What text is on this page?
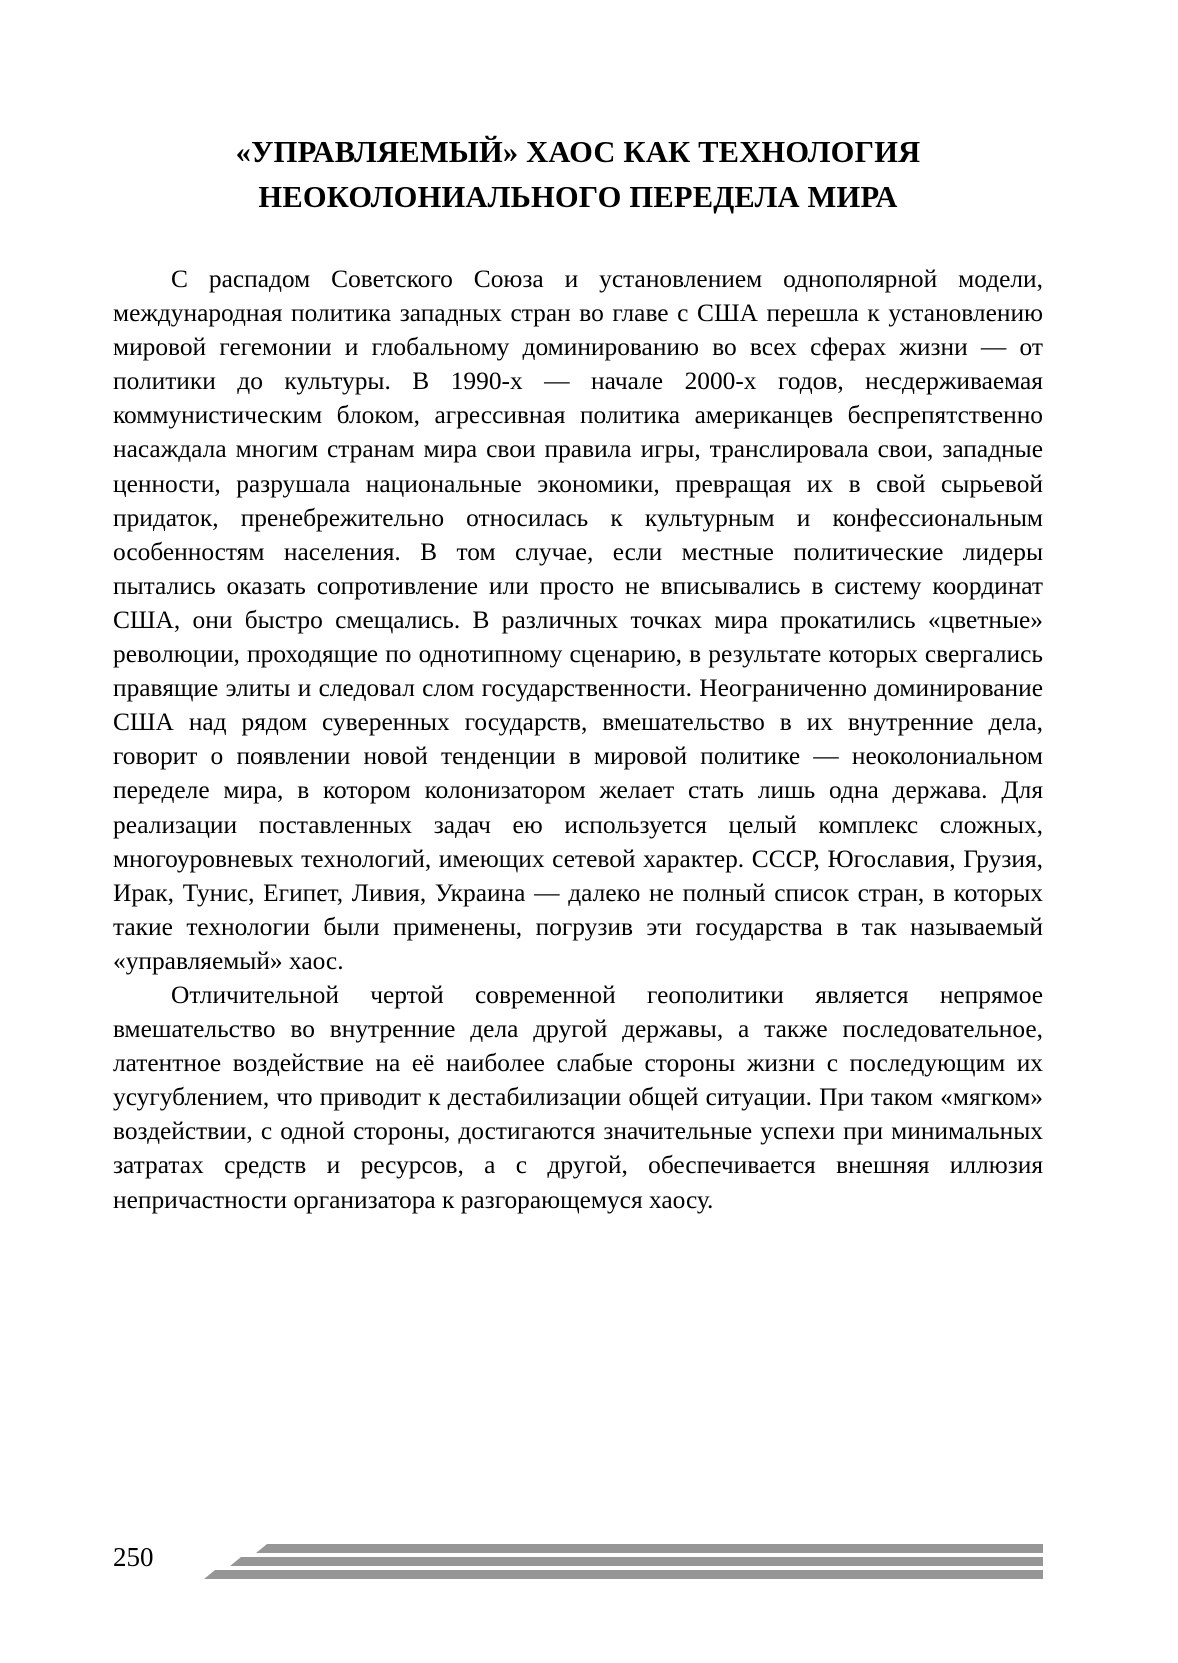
«УПРАВЛЯЕМЫЙ» ХАОС КАК ТЕХНОЛОГИЯ
НЕОКОЛОНИАЛЬНОГО ПЕРЕДЕЛА МИРА

С распадом Советского Союза и установлением однополярной модели, международная политика западных стран во главе с США перешла к установлению мировой гегемонии и глобальному доминированию во всех сферах жизни — от политики до культуры. В 1990-х — начале 2000-х годов, несдерживаемая коммунистическим блоком, агрессивная политика американцев беспрепятственно насаждала многим странам мира свои правила игры, транслировала свои, западные ценности, разрушала национальные экономики, превращая их в свой сырьевой придаток, пренебрежительно относилась к культурным и конфессиональным особенностям населения. В том случае, если местные политические лидеры пытались оказать сопротивление или просто не вписывались в систему координат США, они быстро смещались. В различных точках мира прокатились «цветные» революции, проходящие по однотипному сценарию, в результате которых свергались правящие элиты и следовал слом государственности. Неограниченно доминирование США над рядом суверенных государств, вмешательство в их внутренние дела, говорит о появлении новой тенденции в мировой политике — неоколониальном переделе мира, в котором колонизатором желает стать лишь одна держава. Для реализации поставленных задач ею используется целый комплекс сложных, многоуровневых технологий, имеющих сетевой характер. СССР, Югославия, Грузия, Ирак, Тунис, Египет, Ливия, Украина — далеко не полный список стран, в которых такие технологии были применены, погрузив эти государства в так называемый «управляемый» хаос.

Отличительной чертой современной геополитики является непрямое вмешательство во внутренние дела другой державы, а также последовательное, латентное воздействие на её наиболее слабые стороны жизни с последующим их усугублением, что приводит к дестабилизации общей ситуации. При таком «мягком» воздействии, с одной стороны, достигаются значительные успехи при минимальных затратах средств и ресурсов, а с другой, обеспечивается внешняя иллюзия непричастности организатора к разгорающемуся хаосу.

250
